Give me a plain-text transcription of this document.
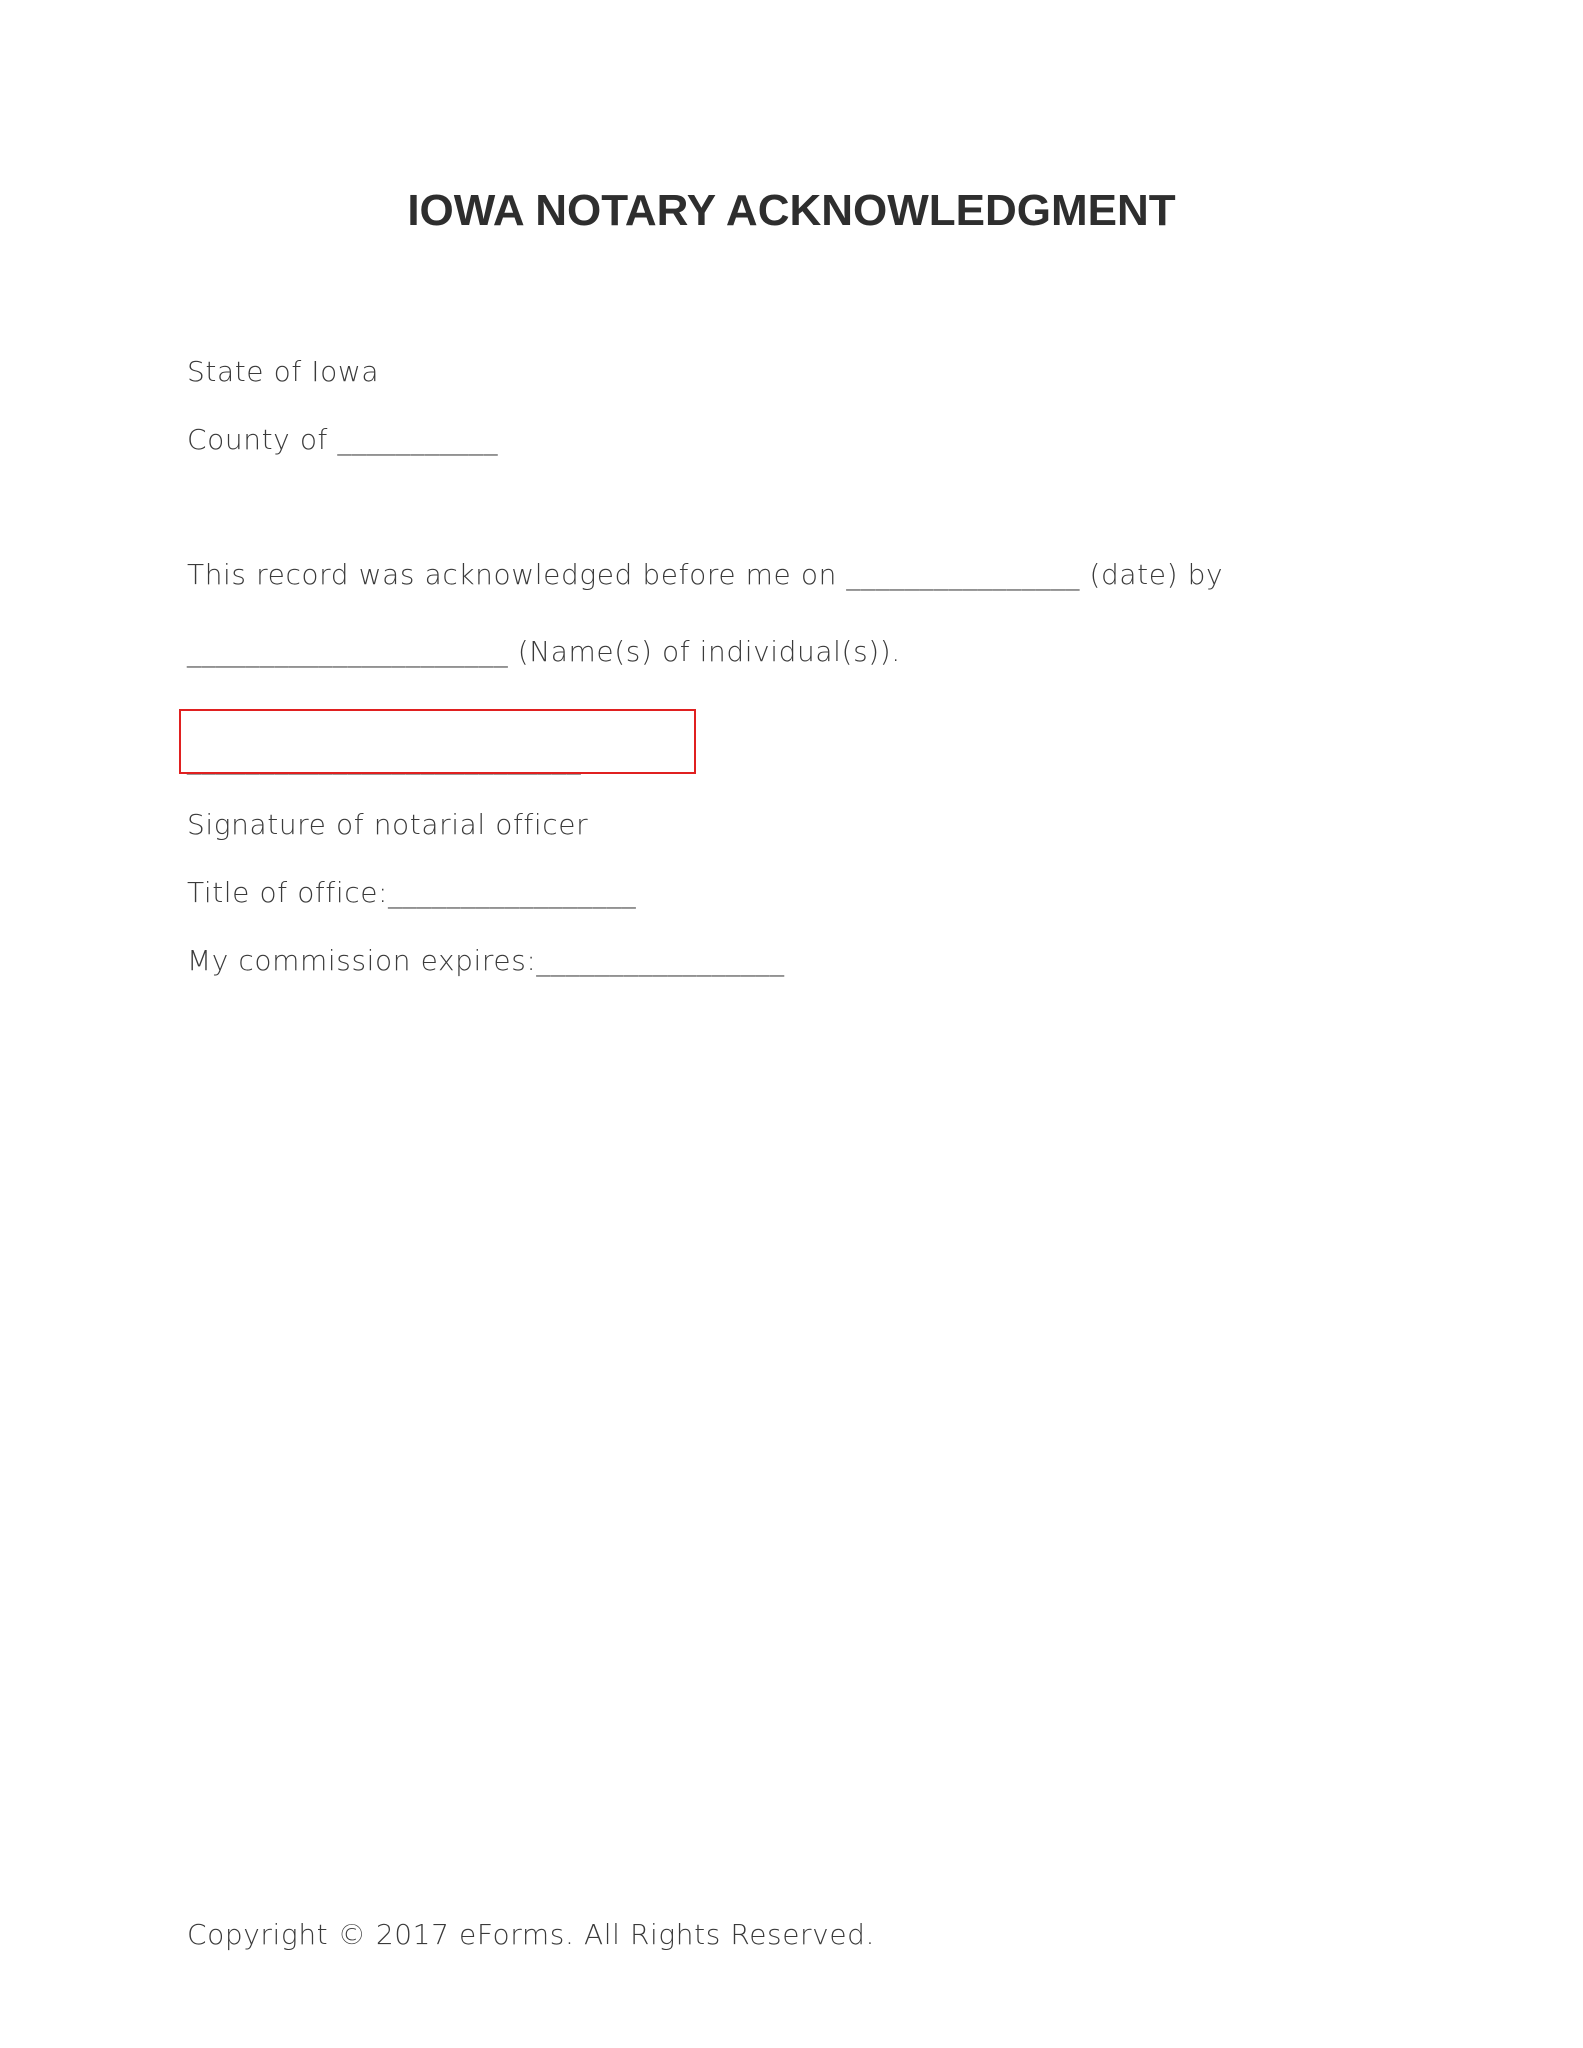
IOWA NOTARY ACKNOWLEDGMENT
State of Iowa
County of ___________
This record was acknowledged before me on ________________ (date) by
______________________ (Name(s) of individual(s)).
___________________________
Signature of notarial officer
Title of office:_________________
My commission expires:_________________
Copyright © 2017 eForms. All Rights Reserved.
